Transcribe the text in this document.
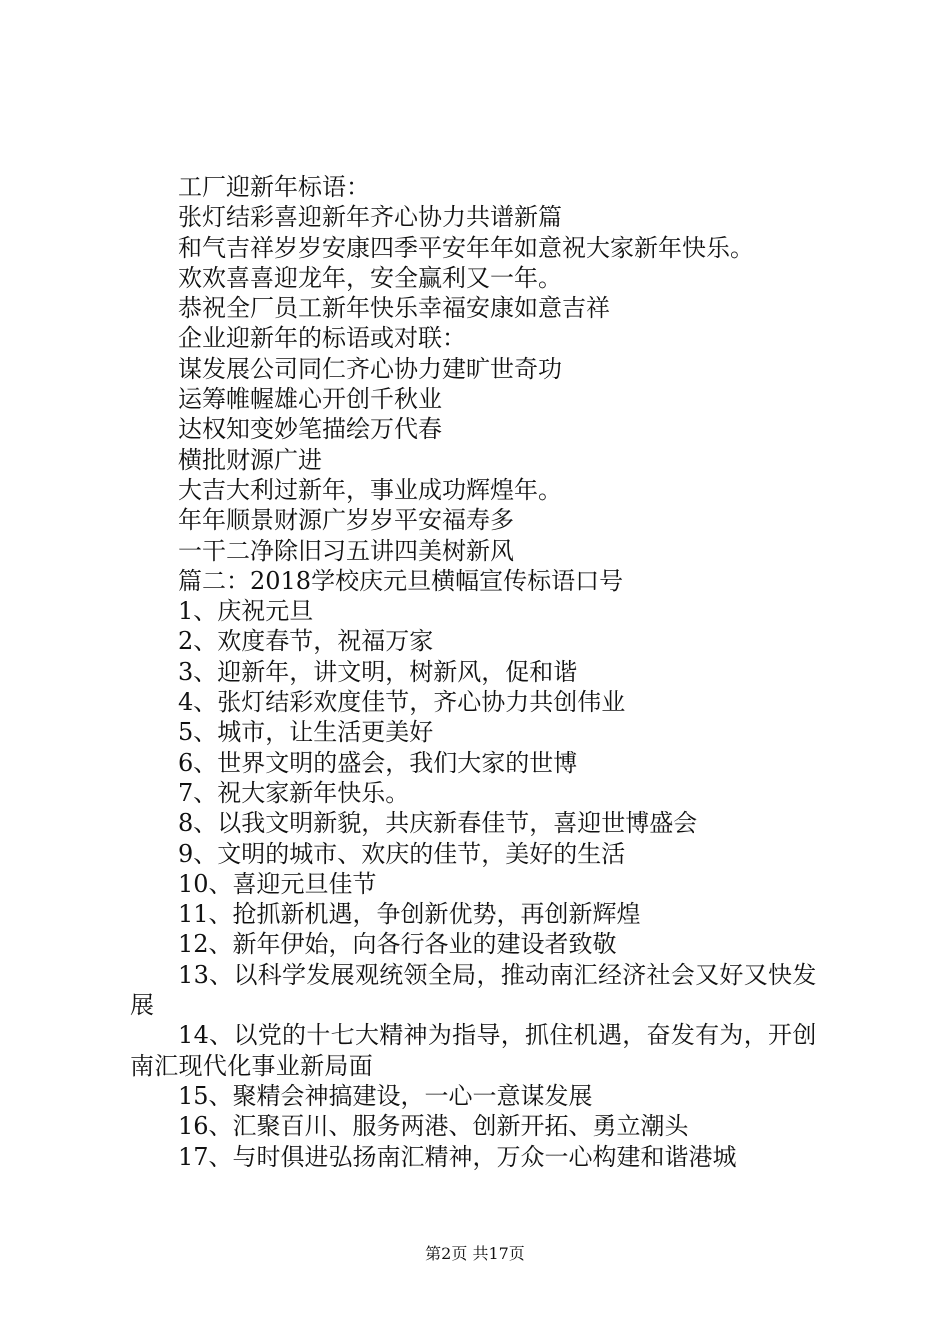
工厂迎新年标语：
张灯结彩喜迎新年齐心协力共谱新篇
和气吉祥岁岁安康四季平安年年如意祝大家新年快乐。
欢欢喜喜迎龙年，安全赢利又一年。
恭祝全厂员工新年快乐幸福安康如意吉祥
企业迎新年的标语或对联：
谋发展公司同仁齐心协力建旷世奇功
运筹帷幄雄心开创千秋业
达权知变妙笔描绘万代春
横批财源广进
大吉大利过新年，事业成功辉煌年。
年年顺景财源广岁岁平安福寿多
一干二净除旧习五讲四美树新风
篇二：2018学校庆元旦横幅宣传标语口号
1、庆祝元旦
2、欢度春节，祝福万家
3、迎新年，讲文明，树新风，促和谐
4、张灯结彩欢度佳节，齐心协力共创伟业
5、城市，让生活更美好
6、世界文明的盛会，我们大家的世博
7、祝大家新年快乐。
8、以我文明新貌，共庆新春佳节，喜迎世博盛会
9、文明的城市、欢庆的佳节，美好的生活
10、喜迎元旦佳节
11、抢抓新机遇，争创新优势，再创新辉煌
12、新年伊始，向各行各业的建设者致敬
13、以科学发展观统领全局，推动南汇经济社会又好又快发展
14、以党的十七大精神为指导，抓住机遇，奋发有为，开创南汇现代化事业新局面
15、聚精会神搞建设，一心一意谋发展
16、汇聚百川、服务两港、创新开拓、勇立潮头
17、与时俱进弘扬南汇精神，万众一心构建和谐港城
第2页 共17页
